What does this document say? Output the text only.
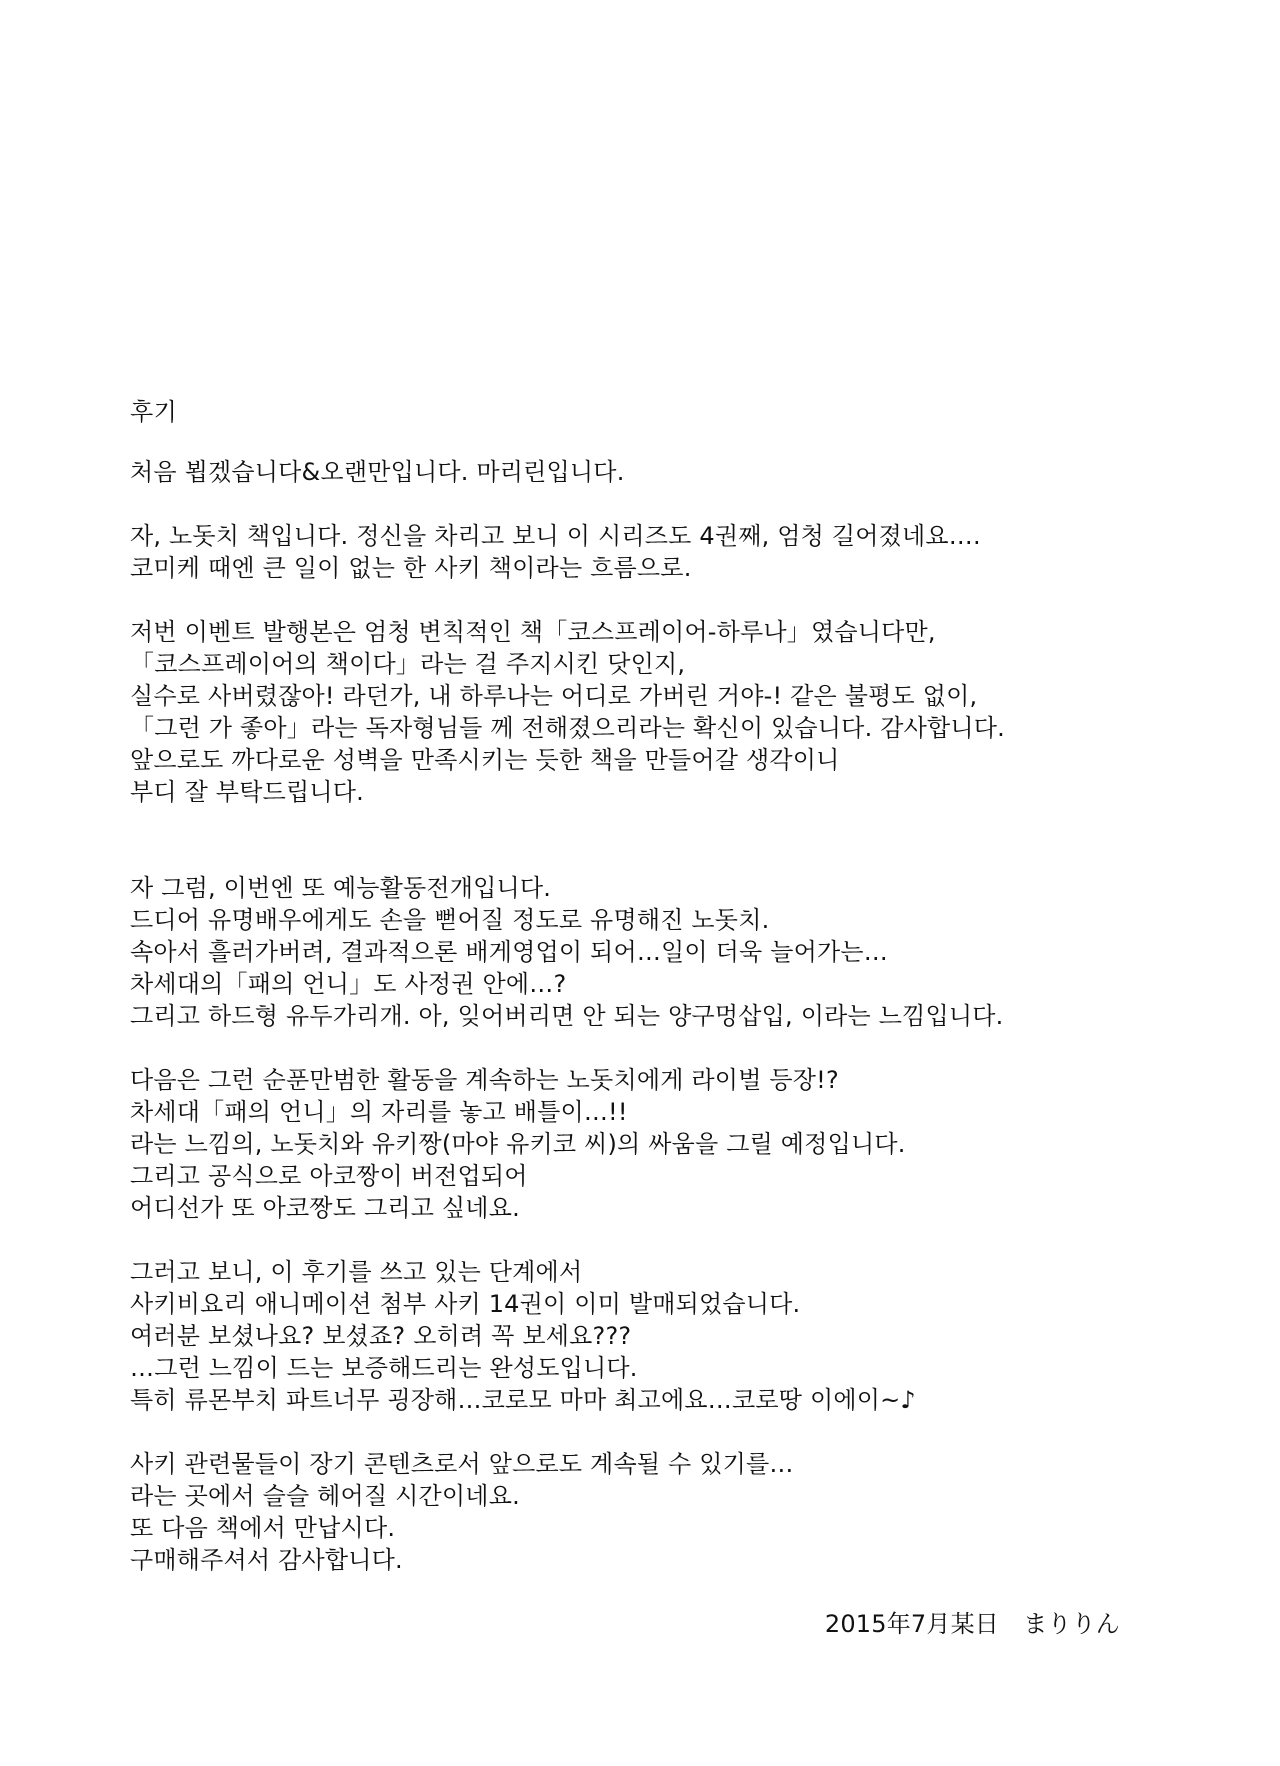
후기
처음 뵙겠습니다&오랜만입니다. 마리린입니다.
자, 노돗치 책입니다. 정신을 차리고 보니 이 시리즈도 4권째, 엄청 길어졌네요….
코미케 때엔 큰 일이 없는 한 사키 책이라는 흐름으로.
저번 이벤트 발행본은 엄청 변칙적인 책「코스프레이어-하루나」였습니다만,
「코스프레이어의 책이다」라는 걸 주지시킨 닷인지,
실수로 사버렸잖아! 라던가, 내 하루나는 어디로 가버린 거야-! 같은 불평도 없이,
「그런 가 좋아」라는 독자형님들 께 전해졌으리라는 확신이 있습니다. 감사합니다.
앞으로도 까다로운 성벽을 만족시키는 듯한 책을 만들어갈 생각이니
부디 잘 부탁드립니다.
자 그럼, 이번엔 또 예능활동전개입니다.
드디어 유명배우에게도 손을 뻗어질 정도로 유명해진 노돗치.
속아서 흘러가버려, 결과적으론 배게영업이 되어…일이 더욱 늘어가는…
차세대의「패의 언니」도 사정권 안에…?
그리고 하드형 유두가리개. 아, 잊어버리면 안 되는 양구멍삽입, 이라는 느낌입니다.
다음은 그런 순푼만범한 활동을 계속하는 노돗치에게 라이벌 등장!?
차세대「패의 언니」의 자리를 놓고 배틀이…!!
라는 느낌의, 노돗치와 유키짱(마야 유키코 씨)의 싸움을 그릴 예정입니다.
그리고 공식으로 아코짱이 버전업되어
어디선가 또 아코짱도 그리고 싶네요.
그러고 보니, 이 후기를 쓰고 있는 단계에서
사키비요리 애니메이션 첨부 사키 14권이 이미 발매되었습니다.
여러분 보셨나요? 보셨죠? 오히려 꼭 보세요???
…그런 느낌이 드는 보증해드리는 완성도입니다.
특히 류몬부치 파트너무 굉장해…코로모 마마 최고에요…코로땅 이에이~♪
사키 관련물들이 장기 콘텐츠로서 앞으로도 계속될 수 있기를…
라는 곳에서 슬슬 헤어질 시간이네요.
또 다음 책에서 만납시다.
구매해주셔서 감사합니다.
2015年7月某日　まりりん
